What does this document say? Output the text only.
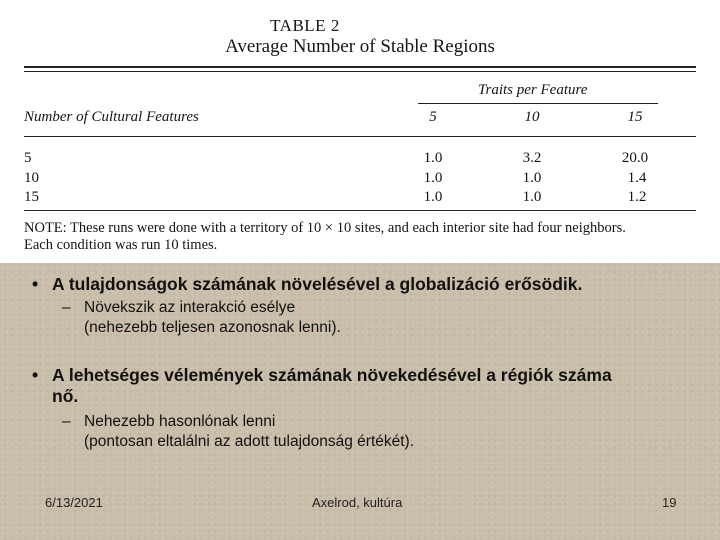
TABLE 2
Average Number of Stable Regions
Traits per Feature
Number of Cultural Features	5	10	15
5	1.0	3.2	20.0
10	1.0	1.0	1.4
15	1.0	1.0	1.2
NOTE: These runs were done with a territory of 10 × 10 sites, and each interior site had four neighbors.
Each condition was run 10 times.
• A tulajdonságok számának növelésével a globalizáció erősödik.
– Növekszik az interakció esélye
(nehezebb teljesen azonosnak lenni).
• A lehetséges vélemények számának növekedésével a régiók száma
nő.
– Nehezebb hasonlónak lenni
(pontosan eltalálni az adott tulajdonság értékét).
6/13/2021	Axelrod, kultúra	19
